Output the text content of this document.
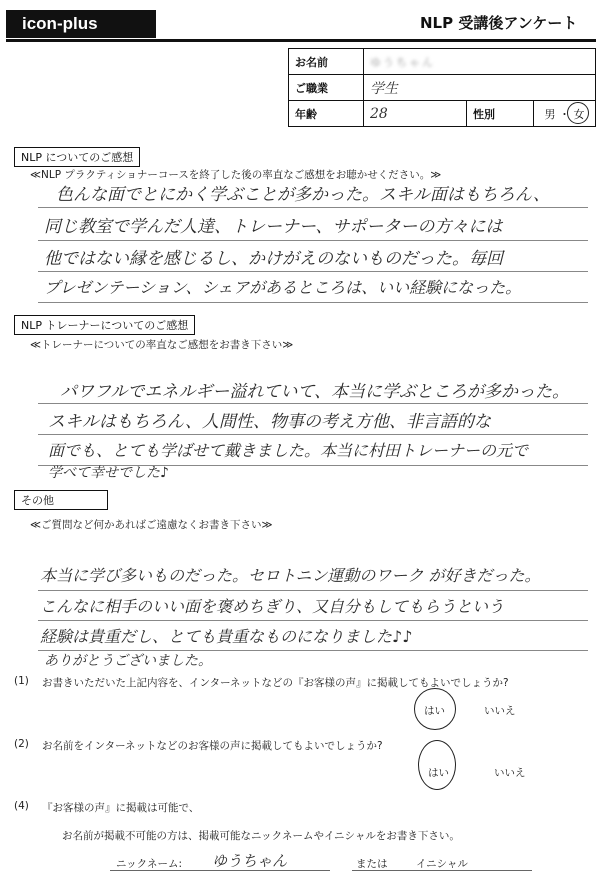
icon-plus	NLP 受講後アンケート
お名前	ゆうちゃん		
ご職業	学生		
年齢	28	性別	男 ・ 女
NLP についてのご感想
≪NLP プラクティショナーコースを終了した後の率直なご感想をお聴かせください。≫
色んな面でとにかく学ぶことが多かった。スキル面はもちろん、
同じ教室で学んだ人達、トレーナー、サポーターの方々には
他ではない縁を感じるし、かけがえのないものだった。毎回
プレゼンテーション、シェアがあるところは、いい経験になった。
NLP トレーナーについてのご感想
≪トレーナーについての率直なご感想をお書き下さい≫
パワフルでエネルギー溢れていて、本当に学ぶところが多かった。
スキルはもちろん、人間性、物事の考え方他、非言語的な
面でも、とても学ばせて戴きました。本当に村田トレーナーの元で
学べて幸せでした♪
その他
≪ご質問など何かあればご遠慮なくお書き下さい≫
本当に学び多いものだった。セロトニン運動のワーク が好きだった。
こんなに相手のいい面を褒めちぎり、又自分もしてもらうという
経験は貴重だし、とても貴重なものになりました♪♪
ありがとうございました。
(1) お書きいただいた上記内容を、インターネットなどの『お客様の声』に掲載してもよいでしょうか?
はい	いいえ
(2) お名前をインターネットなどのお客様の声に掲載してもよいでしょうか?
はい	いいえ
(4) 『お客様の声』に掲載は可能で、
お名前が掲載不可能の方は、掲載可能なニックネームやイニシャルをお書き下さい。
ニックネーム: ゆうちゃん	または	イニシャル
